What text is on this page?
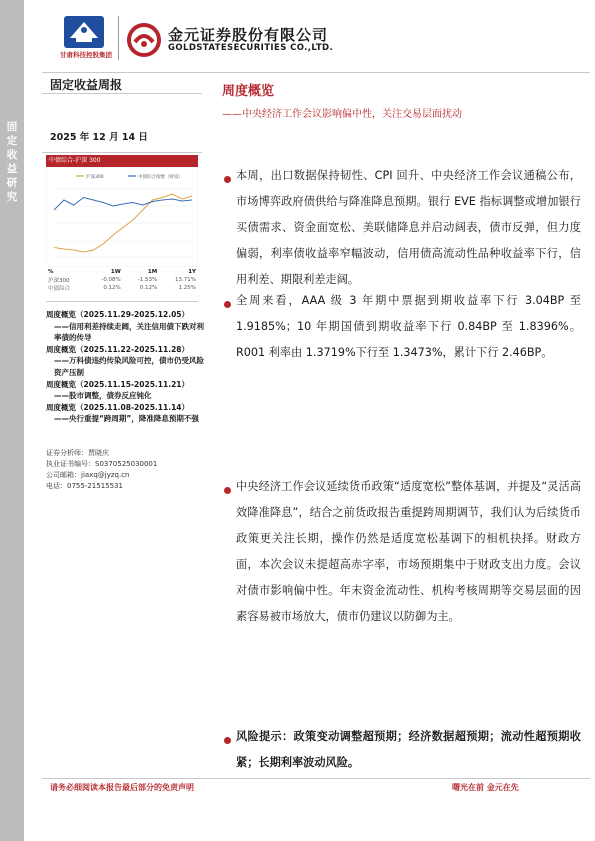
固定收益研究
甘肃科技控股集团
金元证券股份有限公司
GOLDSTATESECURITIES CO.,LTD.
固定收益周报
2025 年 12 月 14 日
周度概览
——中央经济工作会议影响偏中性，关注交易层面扰动
中债综合-沪深 300
沪深300	中债综合指数（财富）
%	1W	1M	1Y
沪深300	-0.08%	-1.53%	13.71%
中债综合	0.12%	0.12%	1.25%
周度概览（2025.11.29-2025.12.05）
——信用利差持续走阔，关注信用债下跌对利率债的传导
周度概览（2025.11.22-2025.11.28）
——万科债违约传染风险可控，债市仍受风险资产压制
周度概览（2025.11.15-2025.11.21）
——股市调整，债券反应钝化
周度概览（2025.11.08-2025.11.14）
——央行重提“跨周期”，降准降息预期不强
证券分析师：贾晓庆
执业证书编号：S0370525030001
公司邮箱：jiaxq@jyzq.cn
电话：0755-21515531
本周，出口数据保持韧性、CPI 回升、中央经济工作会议通稿公布，市场博弈政府债供给与降准降息预期。银行 EVE 指标调整或增加银行买债需求、资金面宽松、美联储降息并启动阔表，债市反弹，但力度偏弱，利率债收益率窄幅波动，信用债高流动性品种收益率下行，信用利差、期限利差走阔。
全周来看，AAA 级 3 年期中票据到期收益率下行 3.04BP 至 1.9185%；10 年期国债到期收益率下行 0.84BP 至 1.8396%。R001 利率由 1.3719%下行至 1.3473%，累计下行 2.46BP。
中央经济工作会议延续货币政策“适度宽松”整体基调，并提及“灵活高效降准降息”，结合之前货政报告重提跨周期调节，我们认为后续货币政策更关注长期，操作仍然是适度宽松基调下的相机抉择。财政方面，本次会议未提超高赤字率，市场预期集中于财政支出力度。会议对债市影响偏中性。年末资金流动性、机构考核周期等交易层面的因素容易被市场放大，债市仍建议以防御为主。
风险提示：政策变动调整超预期；经济数据超预期；流动性超预期收紧；长期利率波动风险。
请务必细阅读本报告最后部分的免责声明	曙光在前 金元在先
